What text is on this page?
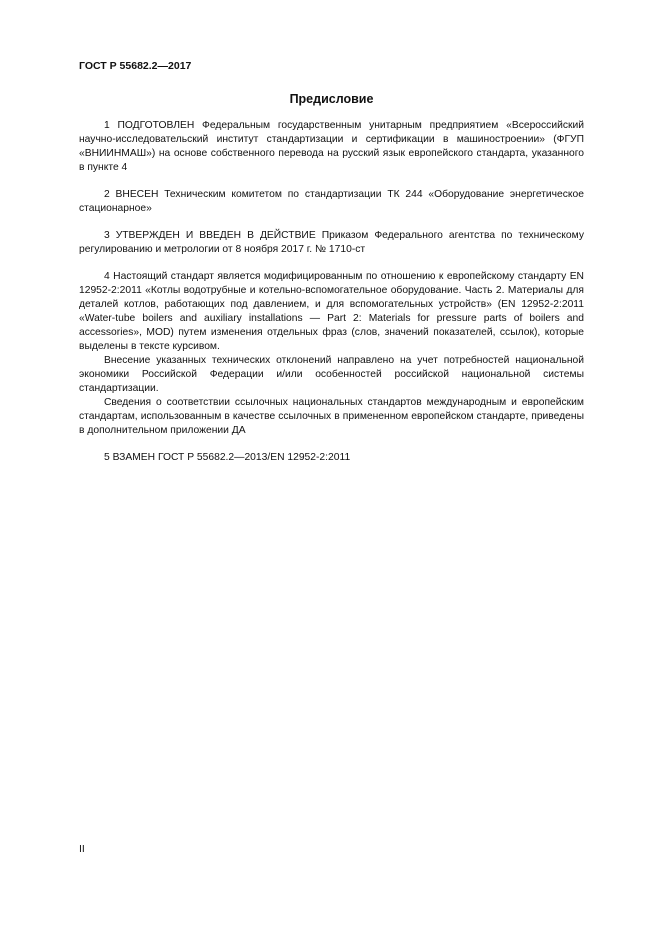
ГОСТ Р 55682.2—2017
Предисловие

1 ПОДГОТОВЛЕН Федеральным государственным унитарным предприятием «Всероссийский научно-исследовательский институт стандартизации и сертификации в машиностроении» (ФГУП «ВНИИНМАШ») на основе собственного перевода на русский язык европейского стандарта, указанного в пункте 4

2 ВНЕСЕН Техническим комитетом по стандартизации ТК 244 «Оборудование энергетическое стационарное»

3 УТВЕРЖДЕН И ВВЕДЕН В ДЕЙСТВИЕ Приказом Федерального агентства по техническому регулированию и метрологии от 8 ноября 2017 г. № 1710-ст

4 Настоящий стандарт является модифицированным по отношению к европейскому стандарту EN 12952-2:2011 «Котлы водотрубные и котельно-вспомогательное оборудование. Часть 2. Материалы для деталей котлов, работающих под давлением, и для вспомогательных устройств» (EN 12952-2:2011 «Water-tube boilers and auxiliary installations — Part 2: Materials for pressure parts of boilers and accessories», MOD) путем изменения отдельных фраз (слов, значений показателей, ссылок), которые выделены в тексте курсивом.

Внесение указанных технических отклонений направлено на учет потребностей национальной экономики Российской Федерации и/или особенностей российской национальной системы стандартизации.

Сведения о соответствии ссылочных национальных стандартов международным и европейским стандартам, использованным в качестве ссылочных в примененном европейском стандарте, приведены в дополнительном приложении ДА

5 ВЗАМЕН ГОСТ Р 55682.2—2013/EN 12952-2:2011

II
